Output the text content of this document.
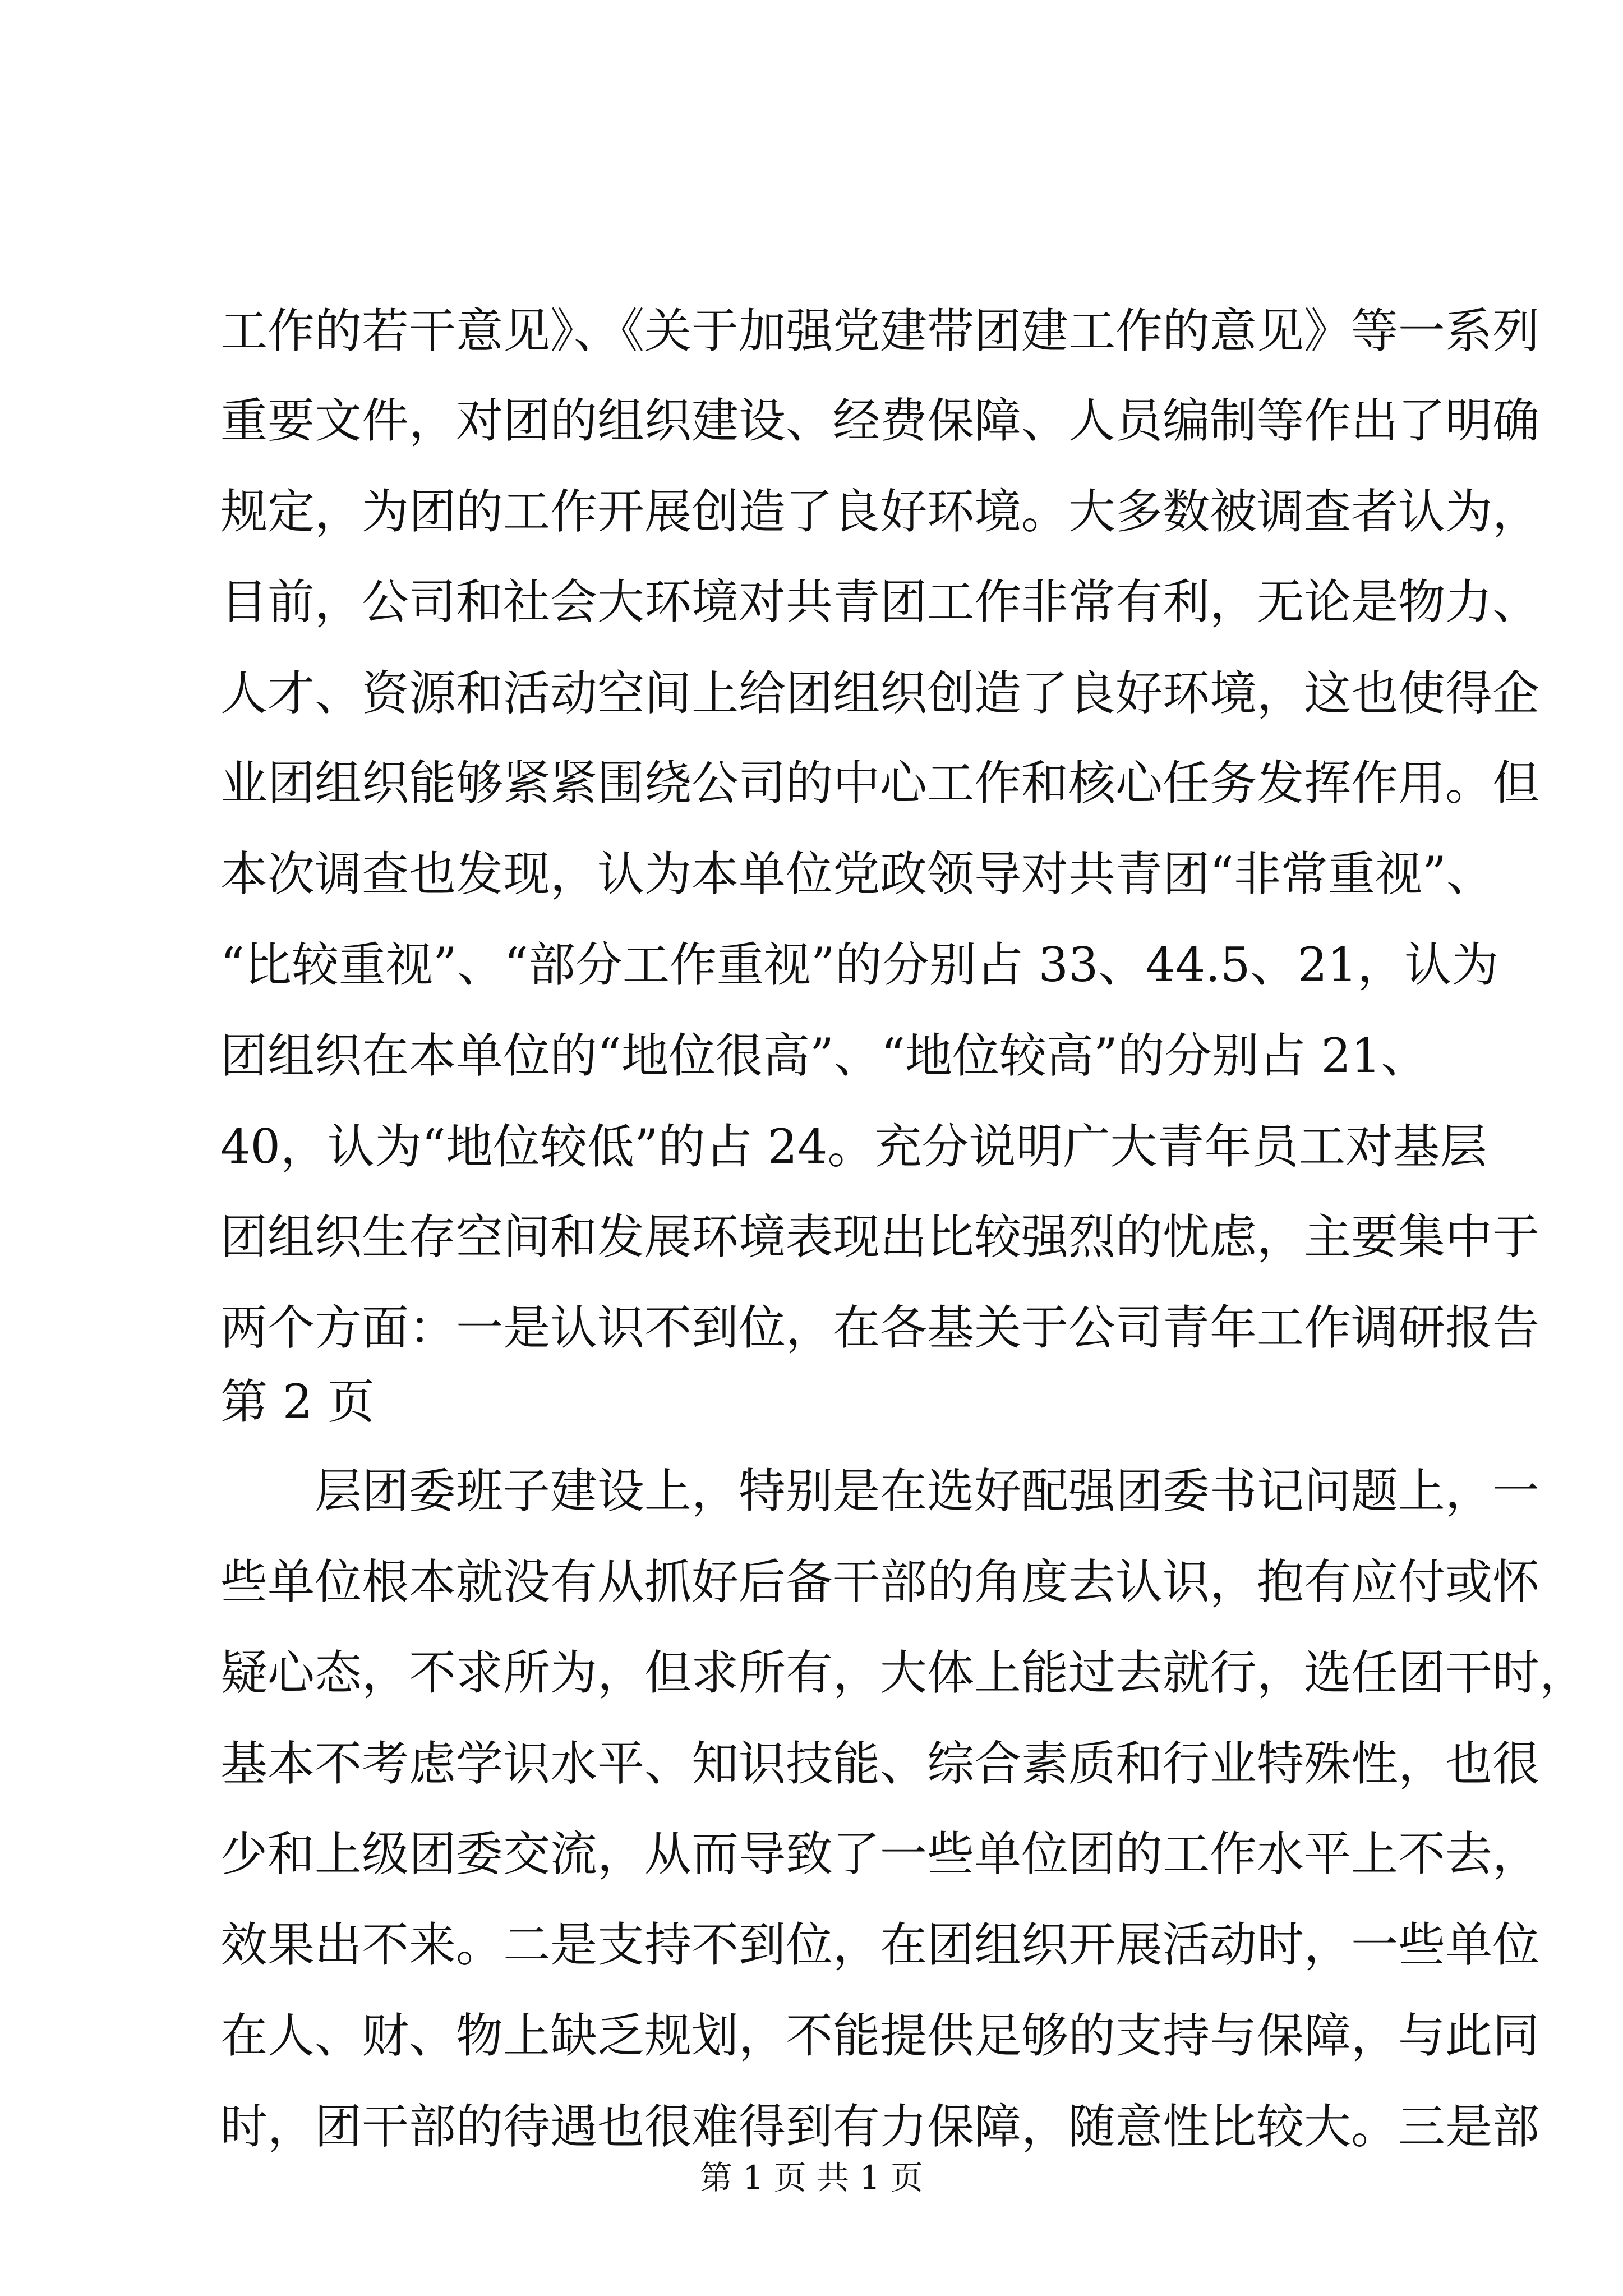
工作的若干意见》、《关于加强党建带团建工作的意见》等一系列
重要文件，对团的组织建设、经费保障、人员编制等作出了明确
规定，为团的工作开展创造了良好环境。大多数被调查者认为，
目前，公司和社会大环境对共青团工作非常有利，无论是物力、
人才、资源和活动空间上给团组织创造了良好环境，这也使得企
业团组织能够紧紧围绕公司的中心工作和核心任务发挥作用。但
本次调查也发现，认为本单位党政领导对共青团“非常重视”、
“比较重视”、“部分工作重视”的分别占 33、44.5、21，认为
团组织在本单位的“地位很高”、“地位较高”的分别占 21、
40，认为“地位较低”的占 24。充分说明广大青年员工对基层
团组织生存空间和发展环境表现出比较强烈的忧虑，主要集中于
两个方面：一是认识不到位，在各基关于公司青年工作调研报告
第 2 页
层团委班子建设上，特别是在选好配强团委书记问题上，一
些单位根本就没有从抓好后备干部的角度去认识，抱有应付或怀
疑心态，不求所为，但求所有，大体上能过去就行，选任团干时，
基本不考虑学识水平、知识技能、综合素质和行业特殊性，也很
少和上级团委交流，从而导致了一些单位团的工作水平上不去，
效果出不来。二是支持不到位，在团组织开展活动时，一些单位
在人、财、物上缺乏规划，不能提供足够的支持与保障，与此同
时，团干部的待遇也很难得到有力保障，随意性比较大。三是部
第 1 页 共 1 页
